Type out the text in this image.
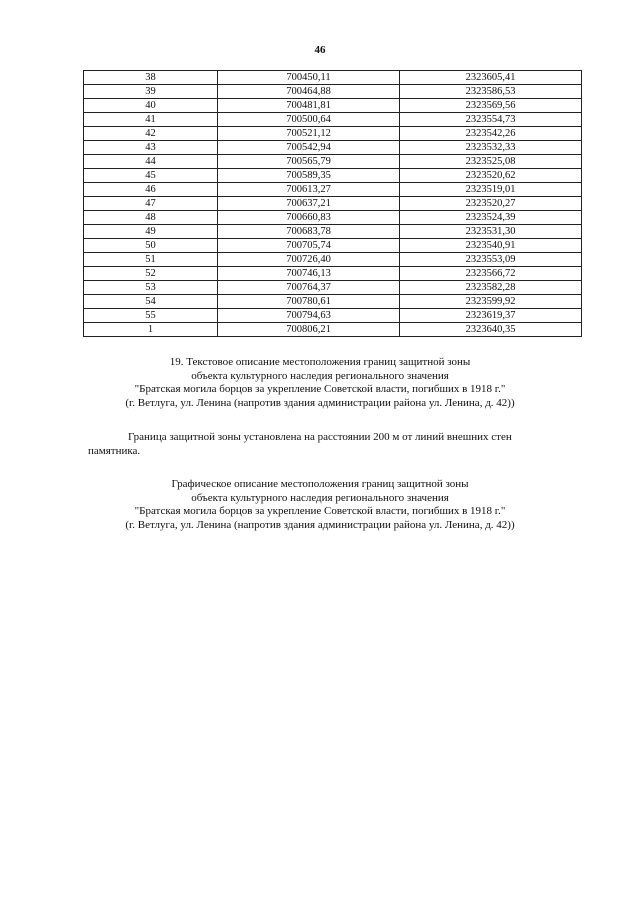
46
38	700450,11	2323605,41
39	700464,88	2323586,53
40	700481,81	2323569,56
41	700500,64	2323554,73
42	700521,12	2323542,26
43	700542,94	2323532,33
44	700565,79	2323525,08
45	700589,35	2323520,62
46	700613,27	2323519,01
47	700637,21	2323520,27
48	700660,83	2323524,39
49	700683,78	2323531,30
50	700705,74	2323540,91
51	700726,40	2323553,09
52	700746,13	2323566,72
53	700764,37	2323582,28
54	700780,61	2323599,92
55	700794,63	2323619,37
1	700806,21	2323640,35
19. Текстовое описание местоположения границ защитной зоны
объекта культурного наследия регионального значения
"Братская могила борцов за укрепление Советской власти, погибших в 1918 г."
(г. Ветлуга, ул. Ленина (напротив здания администрации района ул. Ленина, д. 42))
Граница защитной зоны установлена на расстоянии 200 м от линий внешних стен
памятника.
Графическое описание местоположения границ защитной зоны
объекта культурного наследия регионального значения
"Братская могила борцов за укрепление Советской власти, погибших в 1918 г."
(г. Ветлуга, ул. Ленина (напротив здания администрации района ул. Ленина, д. 42))
